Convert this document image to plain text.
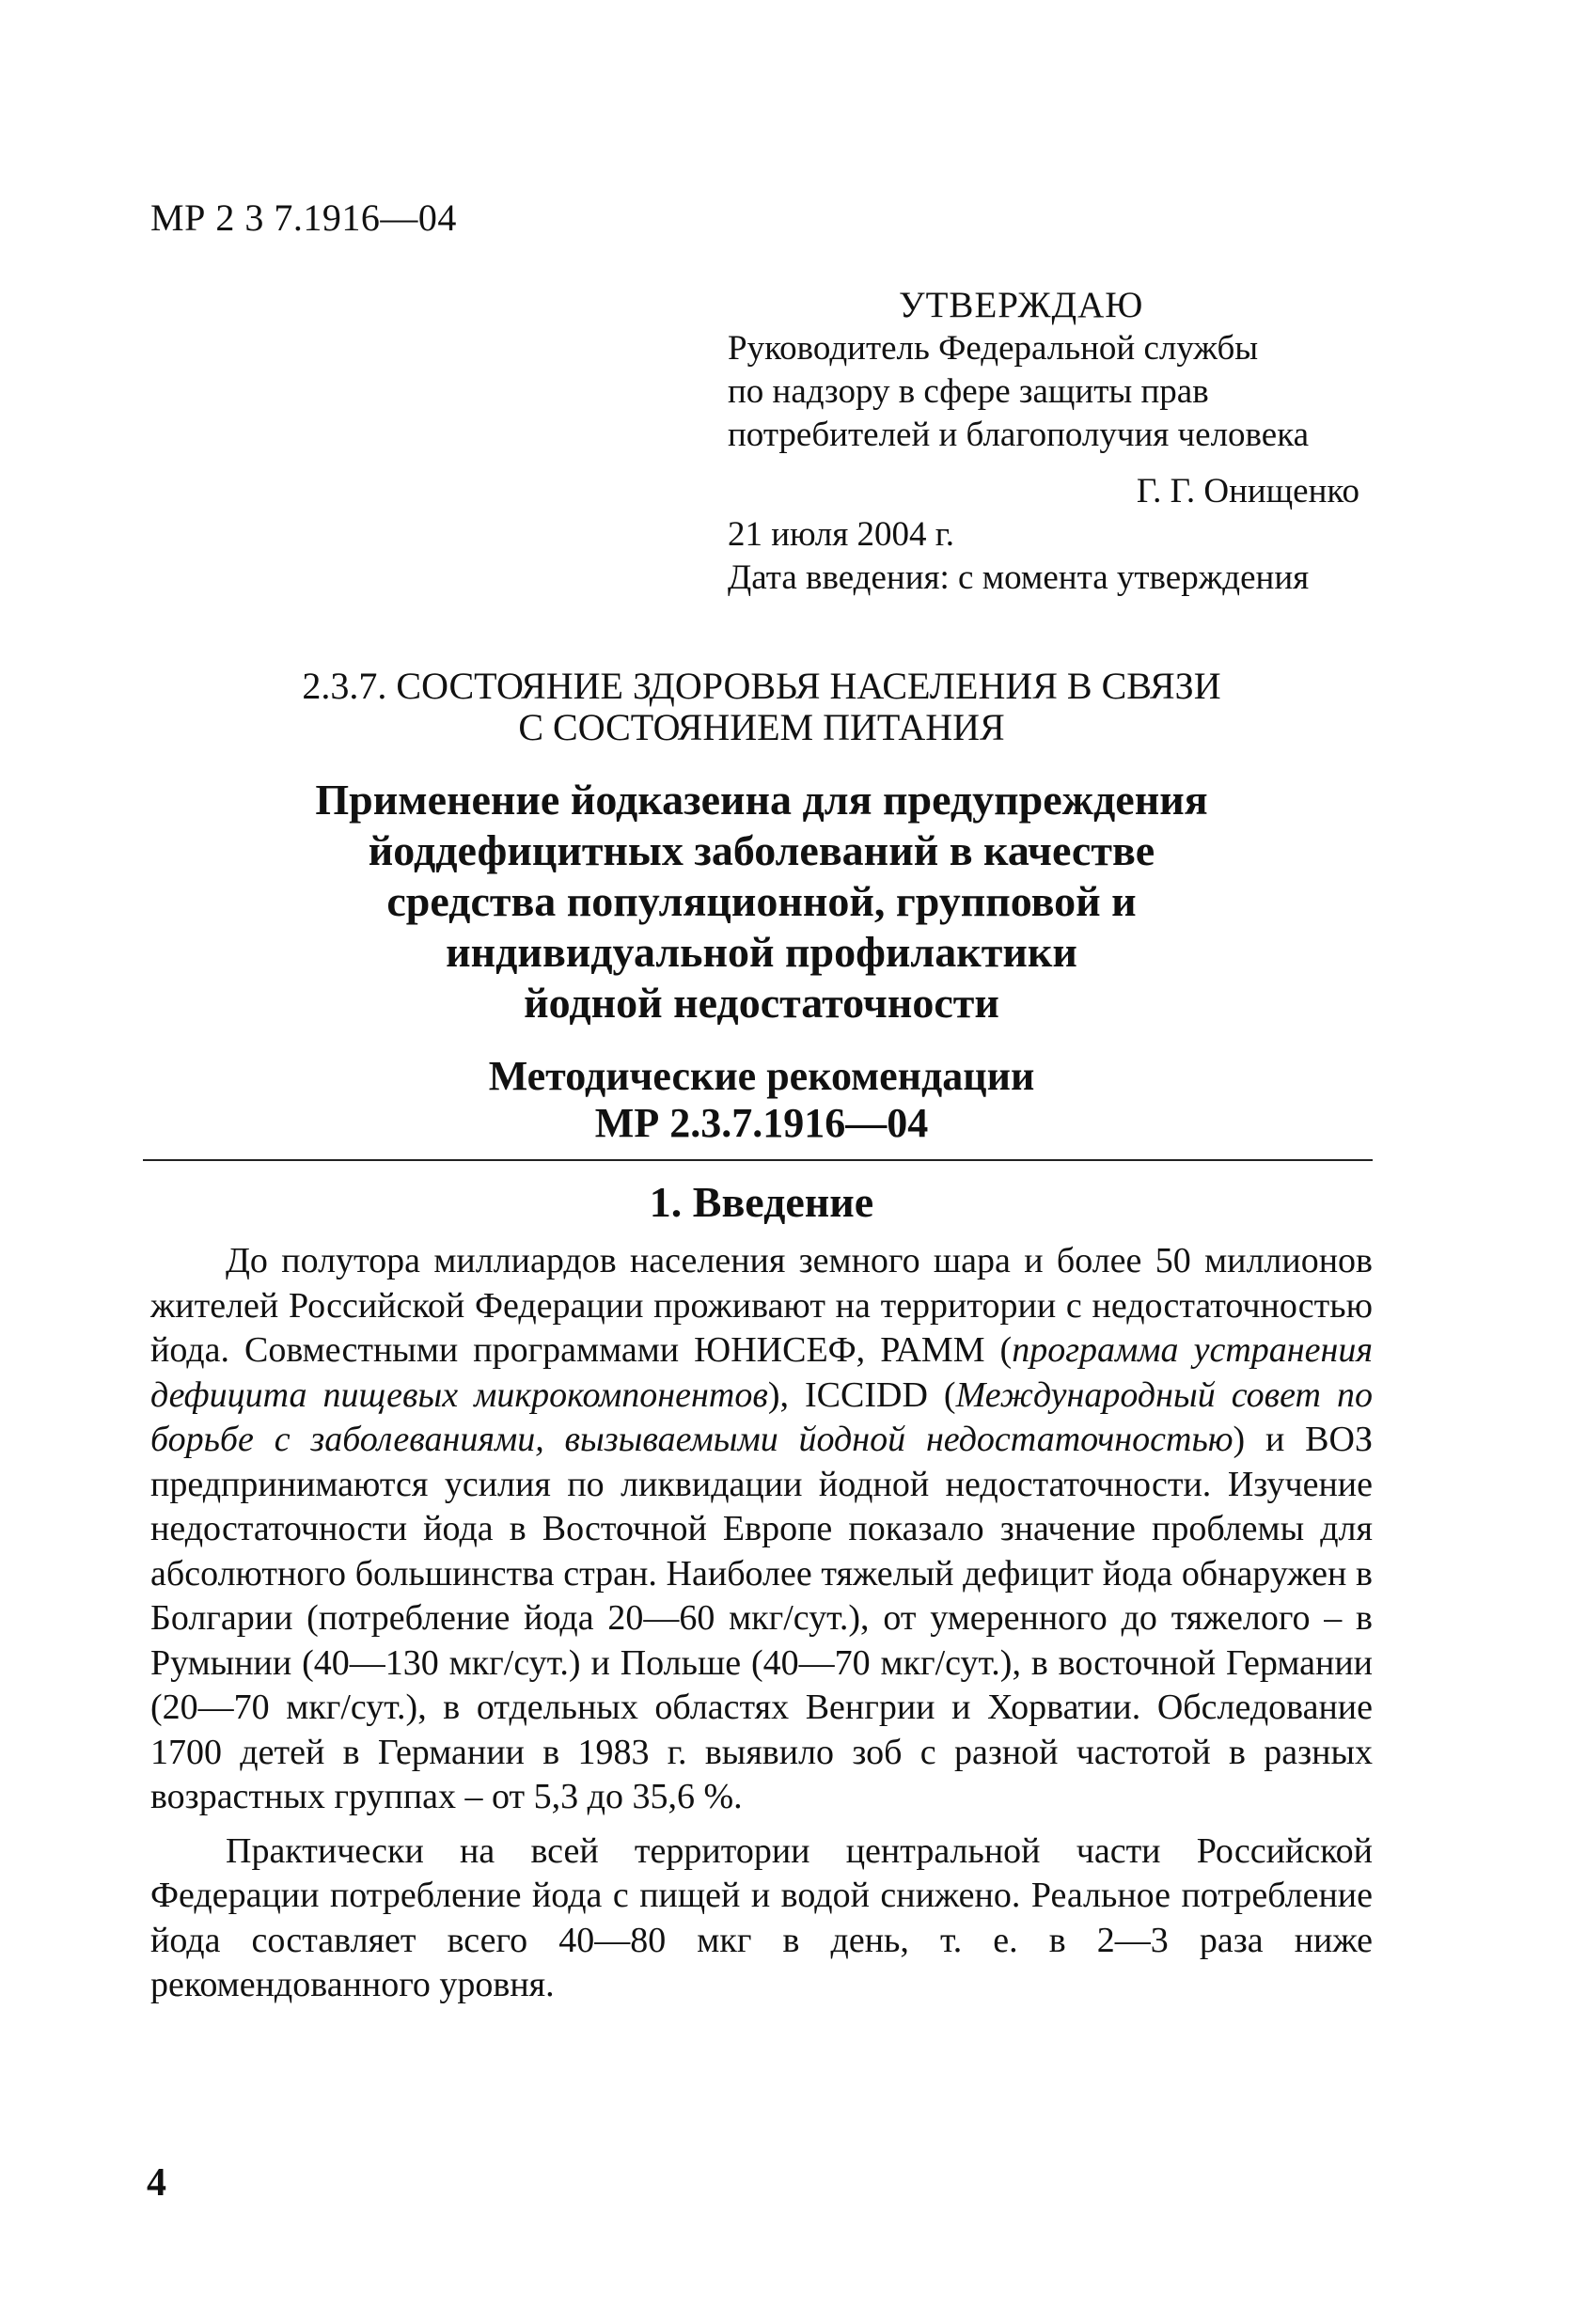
МР 2 3 7.1916—04
УТВЕРЖДАЮ
Руководитель Федеральной службы
по надзору в сфере защиты прав
потребителей и благополучия человека
Г. Г. Онищенко
21 июля 2004 г.
Дата введения: с момента утверждения
2.3.7. СОСТОЯНИЕ ЗДОРОВЬЯ НАСЕЛЕНИЯ В СВЯЗИ
С СОСТОЯНИЕМ ПИТАНИЯ
Применение йодказеина для предупреждения
йоддефицитных заболеваний в качестве
средства популяционной, групповой и
индивидуальной профилактики
йодной недостаточности
Методические рекомендации
МР 2.3.7.1916—04
1. Введение

До полутора миллиардов населения земного шара и более 50 миллионов жителей Российской Федерации проживают на территории с недостаточностью йода. Совместными программами ЮНИСЕФ, РАММ (программа устранения дефицита пищевых микрокомпонентов), ICCIDD (Международный совет по борьбе с заболеваниями, вызываемыми йодной недостаточностью) и ВОЗ предпринимаются усилия по ликвидации йодной недостаточности. Изучение недостаточности йода в Восточной Европе показало значение проблемы для абсолютного большинства стран. Наиболее тяжелый дефицит йода обнаружен в Болгарии (потребление йода 20—60 мкг/сут.), от умеренного до тяжелого – в Румынии (40—130 мкг/сут.) и Польше (40—70 мкг/сут.), в восточной Германии (20—70 мкг/сут.), в отдельных областях Венгрии и Хорватии. Обследование 1700 детей в Германии в 1983 г. выявило зоб с разной частотой в разных возрастных группах – от 5,3 до 35,6 %.

Практически на всей территории центральной части Российской Федерации потребление йода с пищей и водой снижено. Реальное потребление йода составляет всего 40—80 мкг в день, т. е. в 2—3 раза ниже рекомендованного уровня.

4
